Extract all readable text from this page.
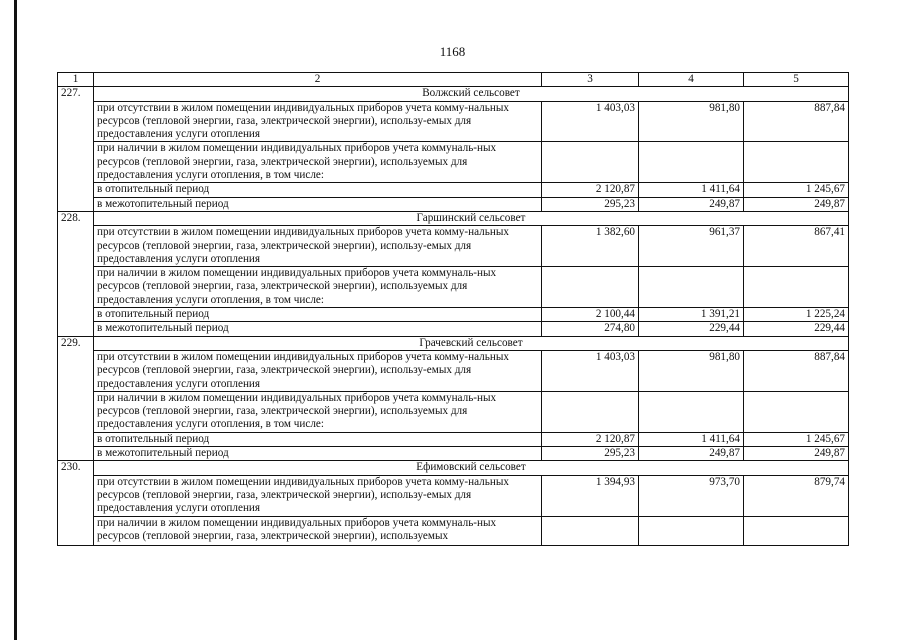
1168
1	2	3	4	5
227.	Волжский сельсовет			
	при отсутствии в жилом помещении индивидуальных приборов учета комму-нальных ресурсов (тепловой энергии, газа, электрической энергии), использу-емых для предоставления услуги отопления	1 403,03	981,80	887,84
	при наличии в жилом помещении индивидуальных приборов учета коммуналь-ных ресурсов (тепловой энергии, газа, электрической энергии), используемых для предоставления услуги отопления, в том числе:			
	в отопительный период	2 120,87	1 411,64	1 245,67
	в межотопительный период	295,23	249,87	249,87
228.	Гаршинский сельсовет			
	при отсутствии в жилом помещении индивидуальных приборов учета комму-нальных ресурсов (тепловой энергии, газа, электрической энергии), использу-емых для предоставления услуги отопления	1 382,60	961,37	867,41
	при наличии в жилом помещении индивидуальных приборов учета коммуналь-ных ресурсов (тепловой энергии, газа, электрической энергии), используемых для предоставления услуги отопления, в том числе:			
	в отопительный период	2 100,44	1 391,21	1 225,24
	в межотопительный период	274,80	229,44	229,44
229.	Грачевский сельсовет			
	при отсутствии в жилом помещении индивидуальных приборов учета комму-нальных ресурсов (тепловой энергии, газа, электрической энергии), использу-емых для предоставления услуги отопления	1 403,03	981,80	887,84
	при наличии в жилом помещении индивидуальных приборов учета коммуналь-ных ресурсов (тепловой энергии, газа, электрической энергии), используемых для предоставления услуги отопления, в том числе:			
	в отопительный период	2 120,87	1 411,64	1 245,67
	в межотопительный период	295,23	249,87	249,87
230.	Ефимовский сельсовет			
	при отсутствии в жилом помещении индивидуальных приборов учета комму-нальных ресурсов (тепловой энергии, газа, электрической энергии), использу-емых для предоставления услуги отопления	1 394,93	973,70	879,74

	при наличии в жилом помещении индивидуальных приборов учета коммуналь-ных ресурсов (тепловой энергии, газа, электрической энергии), используемых			
